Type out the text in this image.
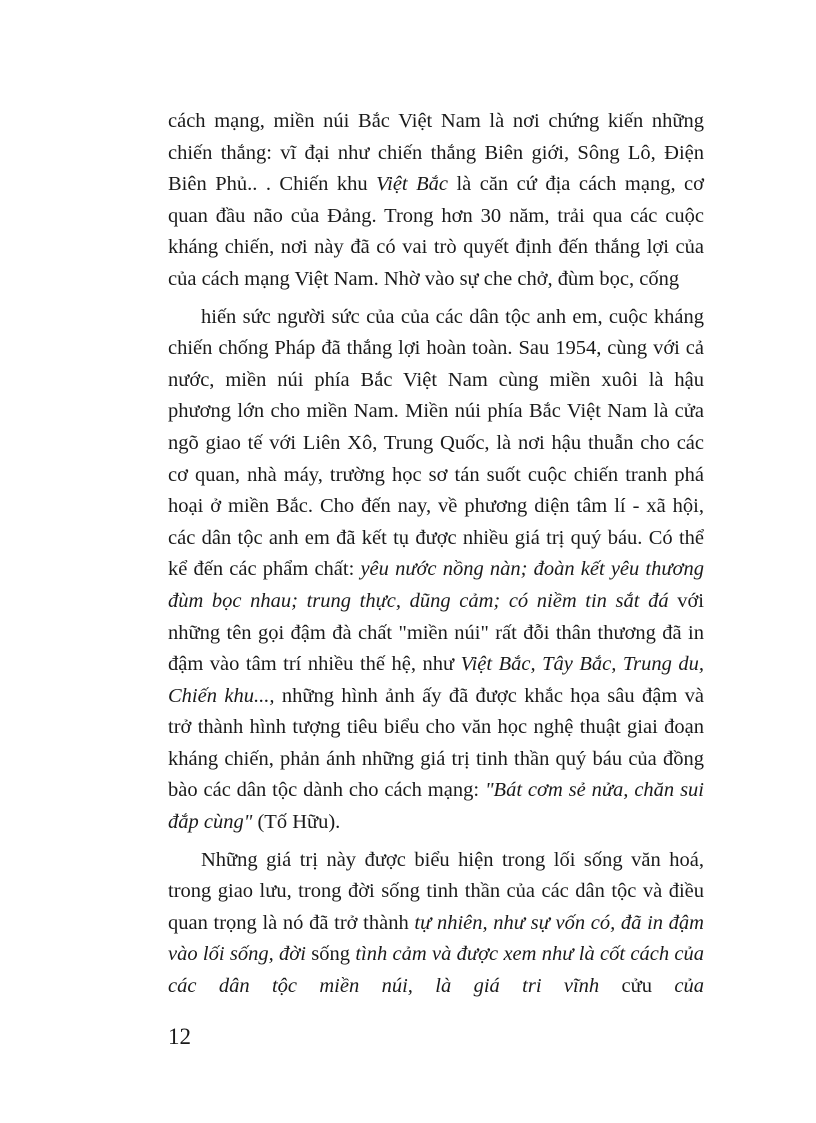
cách mạng, miền núi Bắc Việt Nam là nơi chứng kiến những chiến thắng: vĩ đại như chiến thắng Biên giới, Sông Lô, Điện Biên Phủ.. . Chiến khu Việt Bắc là căn cứ địa cách mạng, cơ quan đầu não của Đảng. Trong hơn 30 năm, trải qua các cuộc kháng chiến, nơi này đã có vai trò quyết định đến thắng lợi của của cách mạng Việt Nam. Nhờ vào sự che chở, đùm bọc, cống

hiến sức người sức của của các dân tộc anh em, cuộc kháng chiến chống Pháp đã thắng lợi hoàn toàn. Sau 1954, cùng với cả nước, miền núi phía Bắc Việt Nam cùng miền xuôi là hậu phương lớn cho miền Nam. Miền núi phía Bắc Việt Nam là cửa ngõ giao tế với Liên Xô, Trung Quốc, là nơi hậu thuẫn cho các cơ quan, nhà máy, trường học sơ tán suốt cuộc chiến tranh phá hoại ở miền Bắc. Cho đến nay, về phương diện tâm lí - xã hội, các dân tộc anh em đã kết tụ được nhiều giá trị quý báu. Có thể kể đến các phẩm chất: yêu nước nồng nàn; đoàn kết yêu thương đùm bọc nhau; trung thực, dũng cảm; có niềm tin sắt đá với những tên gọi đậm đà chất "miền núi" rất đỗi thân thương đã in đậm vào tâm trí nhiều thế hệ, như Việt Bắc, Tây Bắc, Trung du, Chiến khu..., những hình ảnh ấy đã được khắc họa sâu đậm và trở thành hình tượng tiêu biểu cho văn học nghệ thuật giai đoạn kháng chiến, phản ánh những giá trị tinh thần quý báu của đồng bào các dân tộc dành cho cách mạng: "Bát cơm sẻ nửa, chăn sui đắp cùng" (Tố Hữu).

Những giá trị này được biểu hiện trong lối sống văn hoá, trong giao lưu, trong đời sống tinh thần của các dân tộc và điều quan trọng là nó đã trở thành tự nhiên, như sự vốn có, đã in đậm vào lối sống, đời sống tình cảm và được xem như là cốt cách của các dân tộc miền núi, là giá tri vĩnh cửu của

12
